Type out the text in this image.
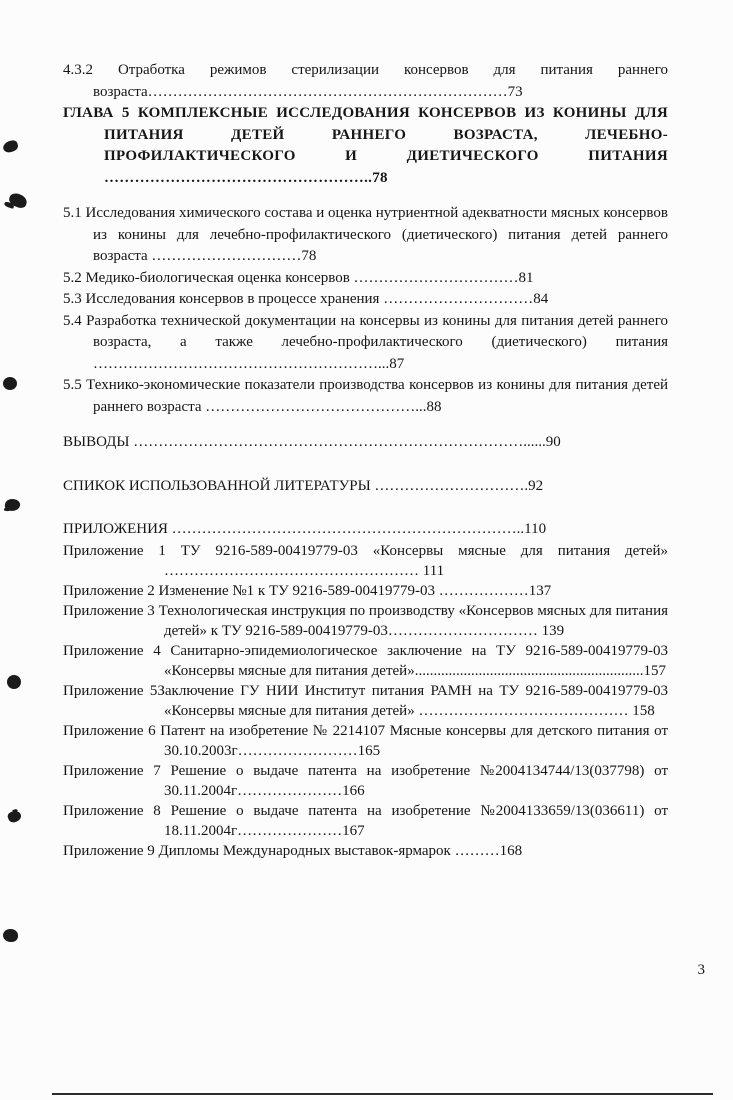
4.3.2 Отработка режимов стерилизации консервов для питания раннего возраста………………………………………………………………73

ГЛАВА 5 КОМПЛЕКСНЫЕ ИССЛЕДОВАНИЯ КОНСЕРВОВ ИЗ КОНИНЫ ДЛЯ ПИТАНИЯ ДЕТЕЙ РАННЕГО ВОЗРАСТА, ЛЕЧЕБНО-ПРОФИЛАКТИЧЕСКОГО И ДИЕТИЧЕСКОГО ПИТАНИЯ ……………………………………………..78

5.1 Исследования химического состава и оценка нутриентной адекватности мясных консервов из конины для лечебно-профилактического (диетического) питания детей раннего возраста …………………………78

5.2 Медико-биологическая оценка консервов ……………………………81

5.3 Исследования консервов в процессе хранения …………………………84

5.4 Разработка технической документации на консервы из конины для питания детей раннего возраста, а также лечебно-профилактического (диетического) питания …………………………………………………...87

5.5 Технико-экономические показатели производства консервов из конины для питания детей раннего возраста ……………………………………...88

ВЫВОДЫ ……………………………………………………………………......90

СПИКОК ИСПОЛЬЗОВАННОЙ ЛИТЕРАТУРЫ ………………………….92

ПРИЛОЖЕНИЯ ……………………………………………………………..110

Приложение 1 ТУ 9216-589-00419779-03 «Консервы мясные для питания детей» …………………………………………… 111

Приложение 2 Изменение №1 к ТУ 9216-589-00419779-03 ………………137

Приложение 3 Технологическая инструкция по производству «Консервов мясных для питания детей» к ТУ 9216-589-00419779-03………………………… 139

Приложение 4 Санитарно-эпидемиологическое заключение на ТУ 9216-589-00419779-03 «Консервы мясные для питания детей».............................................................157

Приложение 5Заключение ГУ НИИ Институт питания РАМН на ТУ 9216-589-00419779-03 «Консервы мясные для питания детей» …………………………………… 158

Приложение 6 Патент на изобретение № 2214107 Мясные консервы для детского питания от 30.10.2003г……………………165

Приложение 7 Решение о выдаче патента на изобретение №2004134744/13(037798) от 30.11.2004г…………………166

Приложение 8 Решение о выдаче патента на изобретение №2004133659/13(036611) от 18.11.2004г…………………167

Приложение 9 Дипломы Международных выставок-ярмарок ………168

3
